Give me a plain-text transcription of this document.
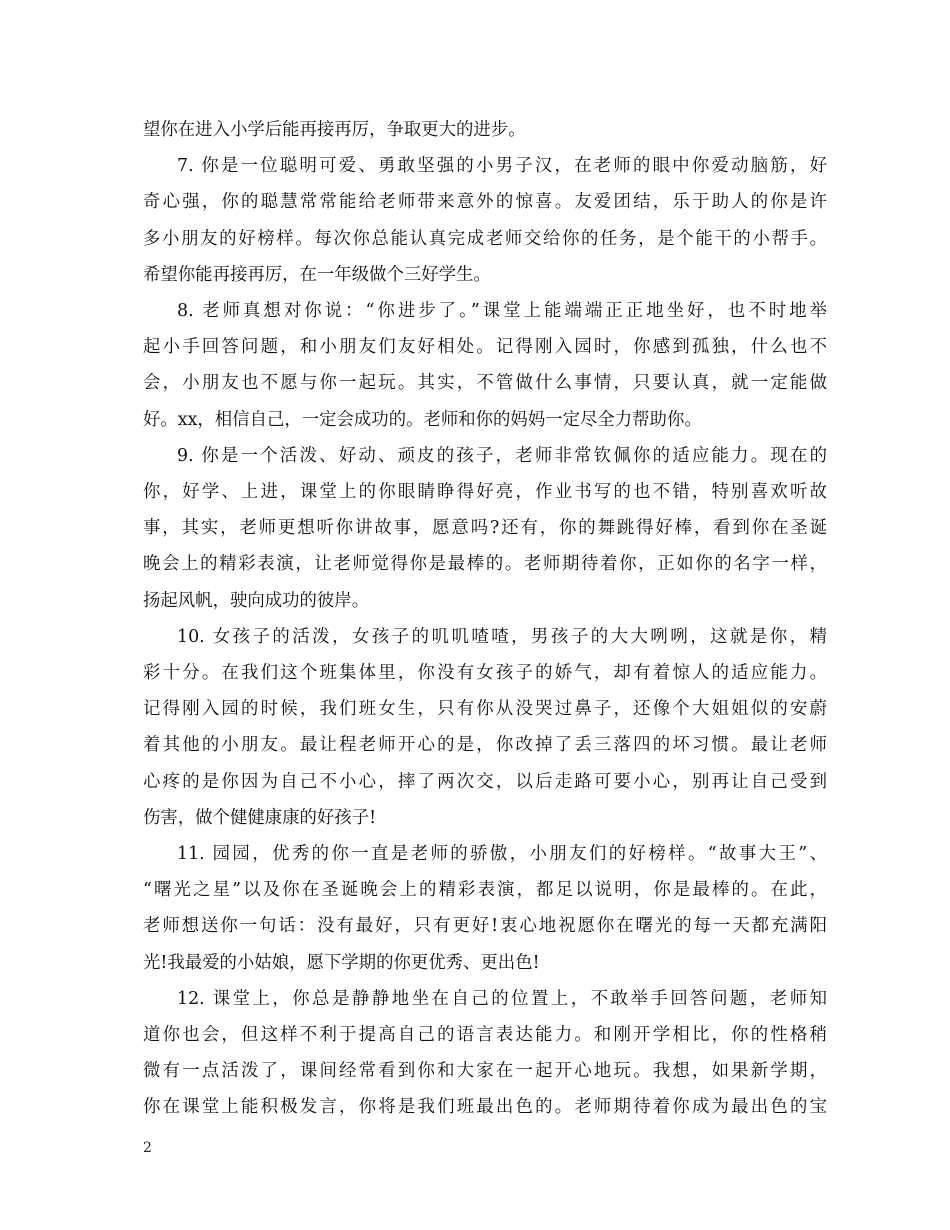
望你在进入小学后能再接再厉，争取更大的进步。
7. 你是一位聪明可爱、勇敢坚强的小男子汉，在老师的眼中你爱动脑筋，好
奇心强，你的聪慧常常能给老师带来意外的惊喜。友爱团结，乐于助人的你是许
多小朋友的好榜样。每次你总能认真完成老师交给你的任务，是个能干的小帮手。
希望你能再接再厉，在一年级做个三好学生。
8. 老师真想对你说：“你进步了。”课堂上能端端正正地坐好，也不时地举
起小手回答问题，和小朋友们友好相处。记得刚入园时，你感到孤独，什么也不
会，小朋友也不愿与你一起玩。其实，不管做什么事情，只要认真，就一定能做
好。xx，相信自己，一定会成功的。老师和你的妈妈一定尽全力帮助你。
9. 你是一个活泼、好动、顽皮的孩子，老师非常钦佩你的适应能力。现在的
你，好学、上进，课堂上的你眼睛睁得好亮，作业书写的也不错，特别喜欢听故
事，其实，老师更想听你讲故事，愿意吗?还有，你的舞跳得好棒，看到你在圣诞
晚会上的精彩表演，让老师觉得你是最棒的。老师期待着你，正如你的名字一样，
扬起风帆，驶向成功的彼岸。
10. 女孩子的活泼，女孩子的叽叽喳喳，男孩子的大大咧咧，这就是你，精
彩十分。在我们这个班集体里，你没有女孩子的娇气，却有着惊人的适应能力。
记得刚入园的时候，我们班女生，只有你从没哭过鼻子，还像个大姐姐似的安蔚
着其他的小朋友。最让程老师开心的是，你改掉了丢三落四的坏习惯。最让老师
心疼的是你因为自己不小心，摔了两次交，以后走路可要小心，别再让自己受到
伤害，做个健健康康的好孩子!
11. 园园，优秀的你一直是老师的骄傲，小朋友们的好榜样。“故事大王”、
“曙光之星”以及你在圣诞晚会上的精彩表演，都足以说明，你是最棒的。在此，
老师想送你一句话：没有最好，只有更好!衷心地祝愿你在曙光的每一天都充满阳
光!我最爱的小姑娘，愿下学期的你更优秀、更出色!
12. 课堂上，你总是静静地坐在自己的位置上，不敢举手回答问题，老师知
道你也会，但这样不利于提高自己的语言表达能力。和刚开学相比，你的性格稍
微有一点活泼了，课间经常看到你和大家在一起开心地玩。我想，如果新学期，
你在课堂上能积极发言，你将是我们班最出色的。老师期待着你成为最出色的宝
2
